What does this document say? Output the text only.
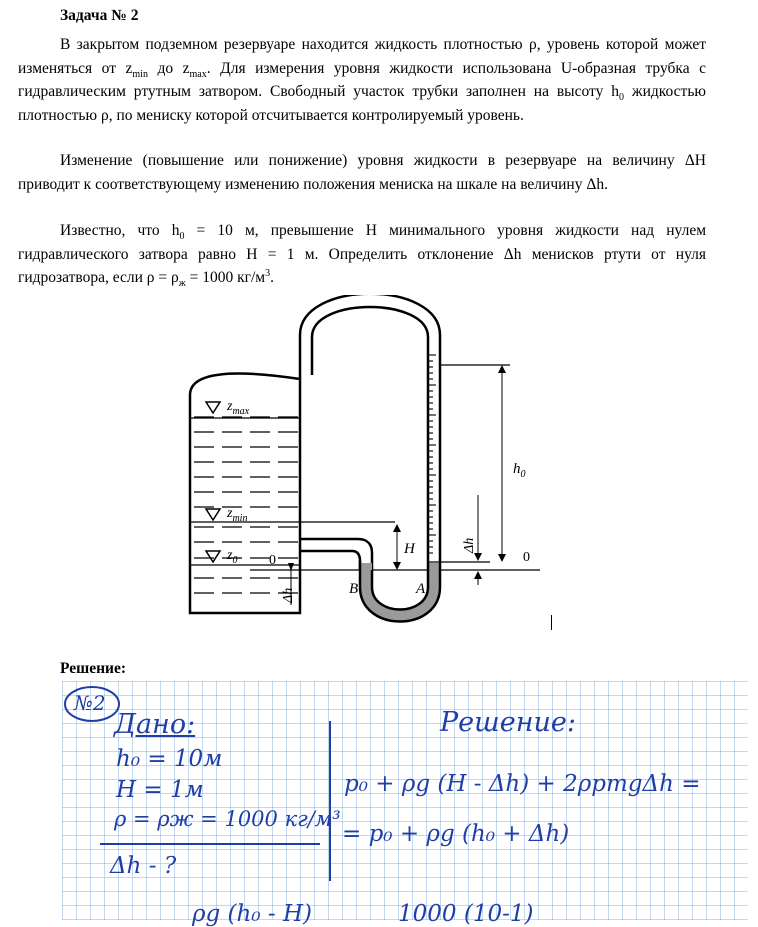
Задача № 2

В закрытом подземном резервуаре находится жидкость плотностью ρ, уровень которой может изменяться от $z_{min}$ до $z_{max}$. Для измерения уровня жидкости использована U-образная трубка с гидравлическим ртутным затвором. Свободный участок трубки заполнен на высоту $h_0$ жидкостью плотностью ρ, по мениску которой отсчитывается контролируемый уровень.

Изменение (повышение или понижение) уровня жидкости в резервуаре на величину ΔH приводит к соответствующему изменению положения мениска на шкале на величину Δh.

Известно, что $h_0 = 10$ м, превышение H минимального уровня жидкости над нулем гидравлического затвора равно H = 1 м. Определить отклонение Δh менисков ртути от нуля гидрозатвора, если $\rho = \rho_ж = 1000$ $кг/м^3$.

$z_{max}$
$z_{min}$
$z_0$ 0
Δh
$h_0$
H	Δh
0
B	A
Решение:
№2
Дано:
h₀ = 10м
H = 1м
ρ = ρж = 1000 кг/м³
Δh - ?
Решение:
p₀ + ρg (H - Δh) + 2ρртgΔh =
= p₀ + ρg (h₀ + Δh)
ρg (h₀ - H)	1000 (10-1)
